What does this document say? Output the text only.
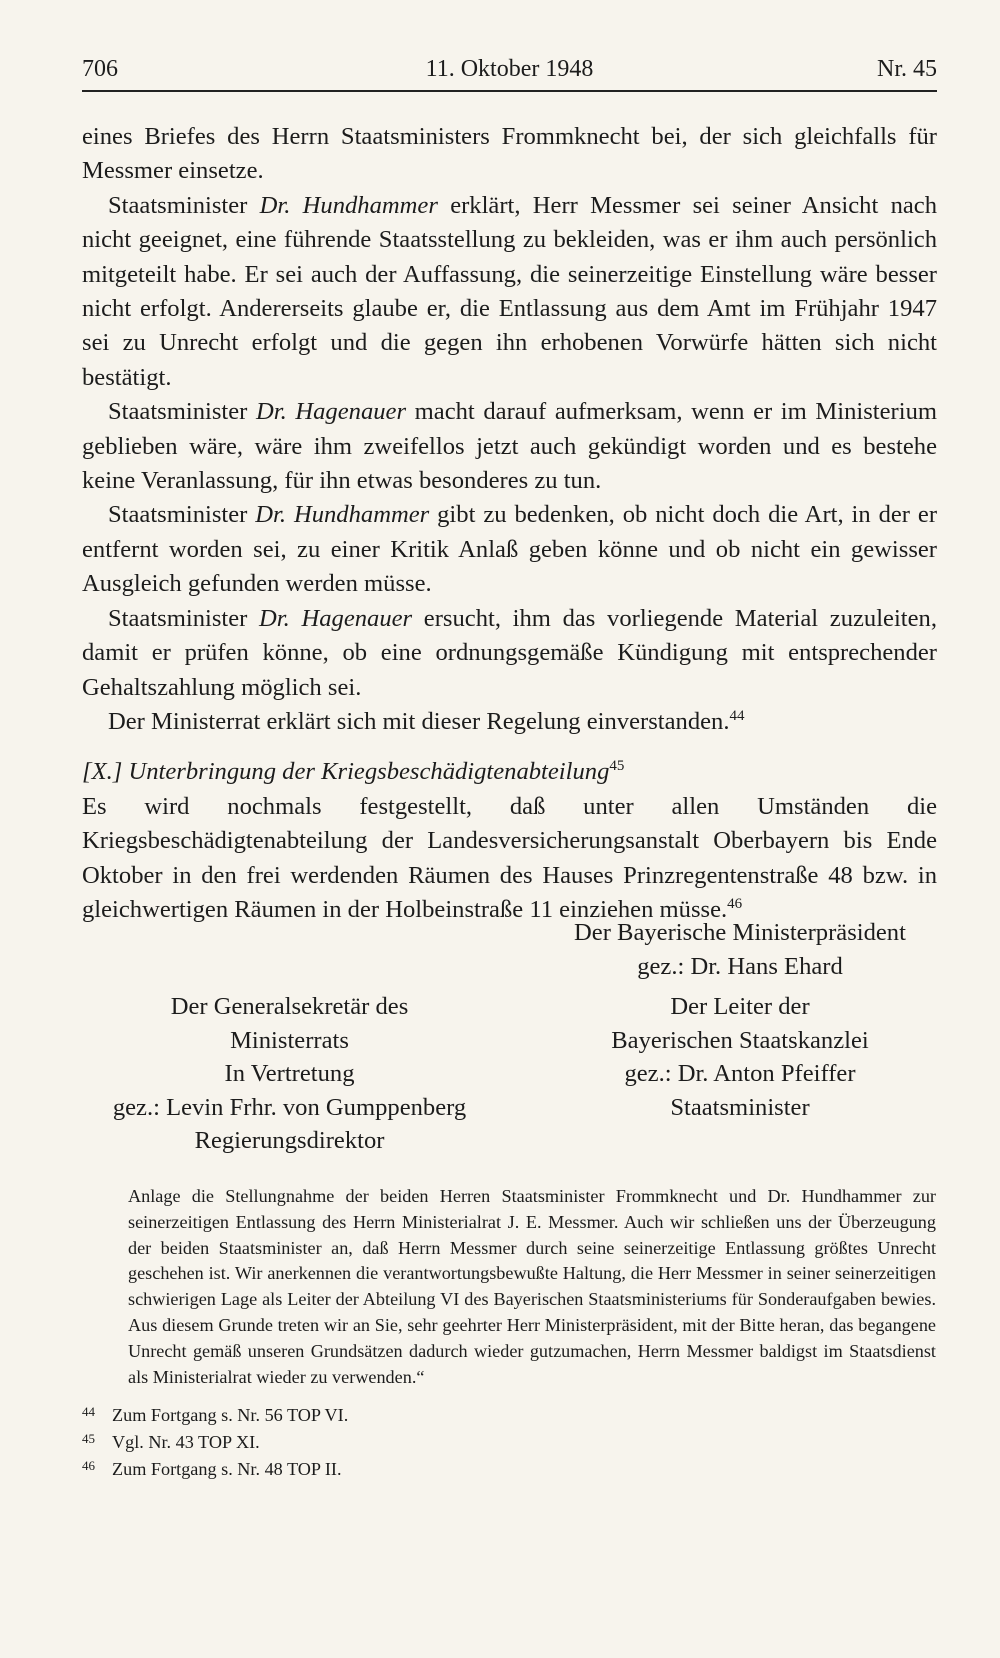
706	11. Oktober 1948	Nr. 45

eines Briefes des Herrn Staatsministers Frommknecht bei, der sich gleichfalls für Messmer einsetze.

Staatsminister Dr. Hundhammer erklärt, Herr Messmer sei seiner Ansicht nach nicht geeignet, eine führende Staatsstellung zu bekleiden, was er ihm auch persönlich mitgeteilt habe. Er sei auch der Auffassung, die seinerzeitige Einstellung wäre besser nicht erfolgt. Andererseits glaube er, die Entlassung aus dem Amt im Frühjahr 1947 sei zu Unrecht erfolgt und die gegen ihn erhobenen Vorwürfe hätten sich nicht bestätigt.

Staatsminister Dr. Hagenauer macht darauf aufmerksam, wenn er im Ministerium geblieben wäre, wäre ihm zweifellos jetzt auch gekündigt worden und es bestehe keine Veranlassung, für ihn etwas besonderes zu tun.

Staatsminister Dr. Hundhammer gibt zu bedenken, ob nicht doch die Art, in der er entfernt worden sei, zu einer Kritik Anlaß geben könne und ob nicht ein gewisser Ausgleich gefunden werden müsse.

Staatsminister Dr. Hagenauer ersucht, ihm das vorliegende Material zuzuleiten, damit er prüfen könne, ob eine ordnungsgemäße Kündigung mit entsprechender Gehaltszahlung möglich sei.

Der Ministerrat erklärt sich mit dieser Regelung einverstanden.$^{44}$

[X.] Unterbringung der Kriegsbeschädigtenabteilung$^{45}$

Es wird nochmals festgestellt, daß unter allen Umständen die Kriegsbeschädigtenabteilung der Landesversicherungsanstalt Oberbayern bis Ende Oktober in den frei werdenden Räumen des Hauses Prinzregentenstraße 48 bzw. in gleichwertigen Räumen in der Holbeinstraße 11 einziehen müsse.$^{46}$

Der Bayerische Ministerpräsident
gez.: Dr. Hans Ehard
Der Generalsekretär des
Ministerrats
In Vertretung
gez.: Levin Frhr. von Gumppenberg
Regierungsdirektor
Der Leiter der
Bayerischen Staatskanzlei
gez.: Dr. Anton Pfeiffer
Staatsminister
Anlage die Stellungnahme der beiden Herren Staatsminister Frommknecht und Dr. Hundhammer zur seinerzeitigen Entlassung des Herrn Ministerialrat J. E. Messmer. Auch wir schließen uns der Überzeugung der beiden Staatsminister an, daß Herrn Messmer durch seine seinerzeitige Entlassung größtes Unrecht geschehen ist. Wir anerkennen die verantwortungsbewußte Haltung, die Herr Messmer in seiner seinerzeitigen schwierigen Lage als Leiter der Abteilung VI des Bayerischen Staatsministeriums für Sonderaufgaben bewies. Aus diesem Grunde treten wir an Sie, sehr geehrter Herr Ministerpräsident, mit der Bitte heran, das begangene Unrecht gemäß unseren Grundsätzen dadurch wieder gutzumachen, Herrn Messmer baldigst im Staatsdienst als Ministerialrat wieder zu verwenden.“
44 Zum Fortgang s. Nr. 56 TOP VI.
45 Vgl. Nr. 43 TOP XI.
46 Zum Fortgang s. Nr. 48 TOP II.
